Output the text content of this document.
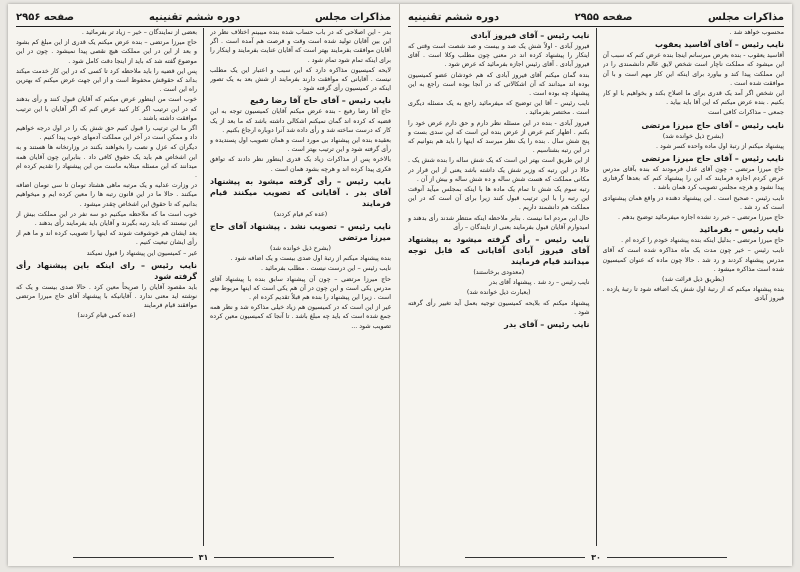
مذاکرات مجلس
دوره ششم تقنینیه
صفحه ۲۹۵۶

بدر - این اصلاحی که در باب حساب شده بنده میبینم اختلاف نظر در این بین آقایان تولید شده است وقت و فرصت هم آمده است . اگر آقایان موافقت بفرمایند بهتر است که آقایان عنایت بفرمایند و اینکار را برای اینکه تمام شود تمام شود .

لایحه کمیسیون مذاکره دارد که این سبب و اعتبار این یک مطلب نیست . آقایانی که موافقت دارند بفرمایند از شش بعد به یک تصور اینکه در کمیسیون رأی گرفته شود .

نایب رئیس – آقای حاج آقا رضا رفیع

حاج آقا رضا رفیع - بنده عرض میکنم آقایان کمیسیون توجه به این قضیه که کرده اند گمان نمیکنم اشکالی داشته باشد که ما بعد از یک کار که درست ساخته شد و رأی داده شد آنرا دوباره ارجاع بکنیم .

بعقیده بنده این پیشنهاد بی مورد است و همان تصویب اول پسندیده و رأی گرفته شود و این ترتیب بهتر است .

بالاخره پس از مذاکرات زیاد یک قدری اینطور نظر دادند که توافق فکری پیدا کرده اند و هرچه بشود همان است .

نایب رئیس – رأی گرفته میشود به پیشنهاد آقای بدر . آقایانی که تصویب میکنند قیام فرمایند

(عده کم قیام کردند)

نایب رئیس – تصویب نشد . پیشنهاد آقای حاج میرزا مرتضی

(بشرح ذیل خوانده شد)

بنده پیشنهاد میکنم از رتبهٔ اول صدی بیست و یک اضافه شود .

نایب رئیس – این درست نیست . مطلب بفرمائید .

حاج میرزا مرتضی – چون آن پیشنهاد سابق بنده با پیشنهاد آقای مدرس یکی است و این چون در آن هم یکی است که اینها مربوط بهم است . زیرا این پیشنهاد را بنده هم قبلاً تقدیم کرده ام .

غیر از این است که در کمیسیون هم زیاد خیلی مذاکره شد و نظر همه جمع شده است که باید چه مبلغ باشد . تا آنجا که کمیسیون معین کرده تصویب شود ...

بعضی از نمایندگان – خیر – زیاد تر بفرمائید .

حاج میرزا مرتضی – بنده عرض میکنم یک قدری از این مبلغ کم بشود و بعد از این در این مملکت هیچ نقصی پیدا نمیشود . چون در این موضوع گفته شد که باید از اینجا دقت کامل شود .

پس این قضیه را باید ملاحظه کرد تا کسی که در این کار خدمت میکند بداند که حقوقش محفوظ است و از این جهت عرض میکنم که بهترین راه این است .

خوب است من اینطور عرض میکنم که آقایان قبول کنند و رأی بدهند که در این ترتیب اگر کار کنید عرض کنم که اگر آقایان با این ترتیب موافقت داشته باشند .

اگر ما این ترتیب را قبول کنیم حق شش یک را در اول درجه خواهیم داد و ممکن است در آخر این مملکت آدمهای خوب پیدا کنیم .

دیگران که عزل و نصب را بخواهند بکنند در وزارتخانه ها هستند و به این اشخاص هم باید یک حقوق کافی داد . بنابراین چون آقایان همه میدانند که این مسئله مبتلابه ماست من این پیشنهاد را تقدیم کرده ام .

در وزارت عدلیه و یک مرتبه ماهی هشتاد تومان تا سی تومان اضافه میکنند . حالا ما در این قانون رتبه ها را معین کرده ایم و میخواهیم بدانیم که تا حقوق این اشخاص چقدر میشود .

خوب است ما که ملاحظه میکنیم دو سه نفر در این مملکت بیش از این نیستند که باید رتبه بگیرند و آقایان باید بفرمایند رأی بدهند .

بعد ایشان هم خوشوقت شوند که اینها را تصویب کرده اند و ما هم از رأی ایشان تبعیت کنیم .

غیر – کمیسیون این پیشنهاد را قبول نمیکند

نایب رئیس – رای اینکه باین پیشنهاد رأی گرفته شود

باید مقصود آقایان را صریحاً معین کرد . حالا صدی بیست و یک که نوشته اید معنی ندارد . آقایانیکه با پیشنهاد آقای حاج میرزا مرتضی موافقند قیام فرمایند

(عده کمی قیام کردند)

۳۱
مذاکرات مجلس
صفحه ۲۹۵۵
دوره ششم تقنینیه

محسوب خواهد شد .

نایب رئیس – آقای آقاسید یعقوب

آقاسید یعقوب - بنده بعرض میرسانم اینجا بنده عرض کنم که سبب آن این میشود که مملکت ناچار است شخص لایق عالم دانشمندی را در این مملکت پیدا کند و بیاورد برای اینکه این کار مهم است و با آن موافقت شده است .

این شخص اگر آمد یک قدری برای ما اصلاح بکند و بخواهیم با او کار بکنیم . بنده عرض میکنم که این آقا باید بیاید .

جمعی – مذاکرات کافی است

نایب رئیس – آقای حاج میرزا مرتضی

(بشرح ذیل خوانده شد)

پیشنهاد میکنم از رتبهٔ اول ماده واحده کسر شود .

نایب رئیس – آقای حاج میرزا مرتضی

حاج میرزا مرتضی - چون آقای عدل فرمودند که بنده بآقای مدرس عرض کردم اجازه فرمایند که این را پیشنهاد کنم که بعدها گرفتاری پیدا نشود و هرچه مجلس تصویب کرد همان باشد .

نایب رئیس - صحیح است . این پیشنهاد دهنده در واقع همان پیشنهادی است که رد شد .

حاج میرزا مرتضی – خیر رد نشده اجازه میفرمائید توضیح بدهم .

نایب رئیس – بفرمائید

حاج میرزا مرتضی - بدلیل اینکه بنده پیشنهاد خودم را کرده ام .

نایب رئیس – خیر چون مدت یک ماه مذاکره شده است که آقای مدرس پیشنهاد کردند و رد شد . حالا چون ماده که عنوان کمیسیون شده است مذاکره میشود .

(بطریق ذیل قرائت شد)

بنده پیشنهاد میکنم که از رتبهٔ اول شش یک اضافه شود تا رتبهٔ یازده . فیروز آبادی

نایب رئیس – آقای فیروز آبادی

فیروز آبادی - اولاً شش یک صد و بیست و صد شصت است وقتی که اینکار را پیشنهاد کرده اند در معنی چون مطلب وکلا است . آقای فیروز آبادی . آقای رئیس اجازه بفرمائید که عرض شود .

بنده گمان میکنم آقای فیروز آبادی که هم خودشان عضو کمیسیون بوده اند میدانند که آن اشکالاتی که در آنجا بوده است راجع به این پیشنهاد چه بوده است .

نایب رئیس – آقا این توضیح که میفرمائید راجع به یک مسئله دیگری است . مختصر بفرمائید .

فیروز آبادی - بنده در این مسئله نظر دارم و حق دارم عرض خود را بکنم . اظهار کنم عرض از عرض بنده این است که این سدی بست و پنج شش سال . بنده را یک نظر میرسد که اینها را باید هم بتوانیم که در این رتبه بشناسیم .

از این طریق است بهتر این است که یک شش ساله را بنده شش یک . حالا در این رتبه که وزیر شش یک داشته باشد یعنی از این قرار در مکانی مملکت که هست شش ساله و ده شش ساله و بیش از آن .

رتبه سوم یک شش تا تمام یک ماده ها با اینکه بمجلس میآید آنوقت این رتبه را با این ترتیب قبول کنند زیرا برای آن است که در این مملکت هم دانشمند داریم .

حال این مردم اما نیست . بنابر ملاحظه اینکه منتظر شدند رأی بدهند و امیدوارم آقایان قبول بفرمایند بعنی از تایندگان – رأی

نایب رئیس – رأی گرفته میشود به پیشنهاد آقای فیروز آبادی آقایانی که قابل توجه میدانند قیام فرمایند

(معدودی برخاستند)

نایب رئیس – رد شد . پیشنهاد آقای بدر

(بعبارت ذیل خوانده شد)

پیشنهاد میکنم که بلایحه کمیسیون توجیه بعمل آید تغییر رأی گرفته شود .

نایب رئیس – آقای بدر
۳۰
